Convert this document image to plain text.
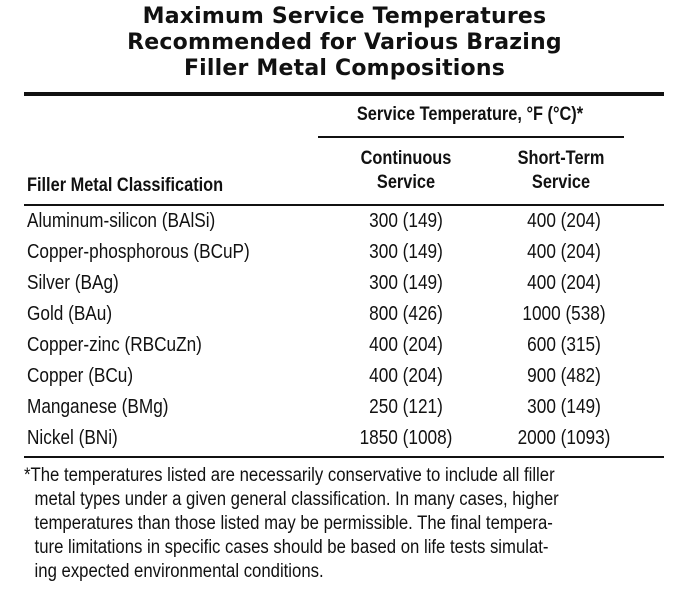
Maximum Service Temperatures
Recommended for Various Brazing
Filler Metal Compositions
Service Temperature, °F (°C)*
Continuous
Service
Short-Term
Service
Filler Metal Classification
Aluminum-silicon (BAlSi)	300 (149)	400 (204)
Copper-phosphorous (BCuP)	300 (149)	400 (204)
Silver (BAg)	300 (149)	400 (204)
Gold (BAu)	800 (426)	1000 (538)
Copper-zinc (RBCuZn)	400 (204)	600 (315)
Copper (BCu)	400 (204)	900 (482)
Manganese (BMg)	250 (121)	300 (149)
Nickel (BNi)	1850 (1008)	2000 (1093)
*The temperatures listed are necessarily conservative to include all filler
metal types under a given general classification. In many cases, higher
temperatures than those listed may be permissible. The final tempera-
ture limitations in specific cases should be based on life tests simulat-
ing expected environmental conditions.
